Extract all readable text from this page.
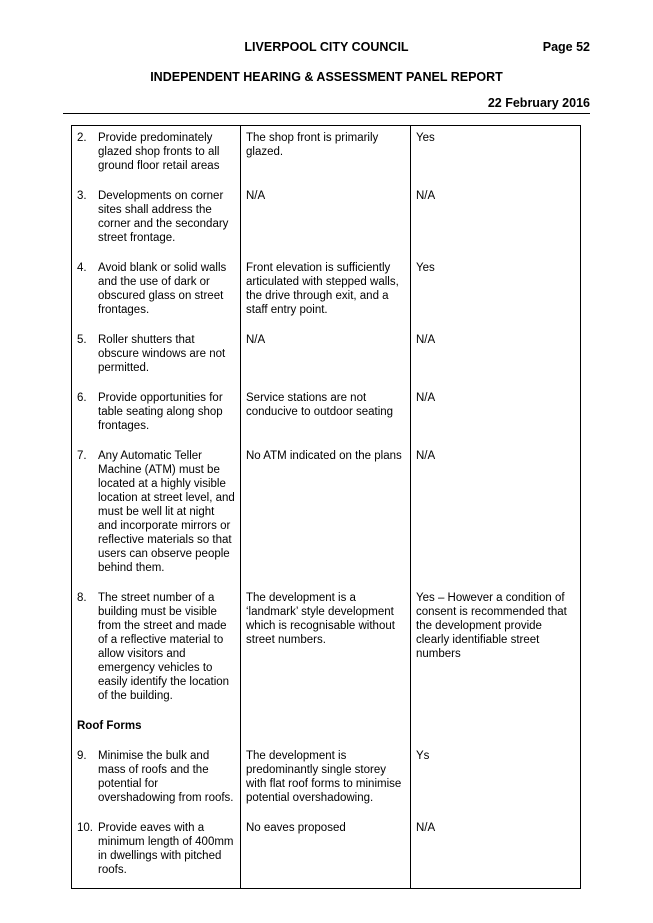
LIVERPOOL CITY COUNCIL	Page 52
INDEPENDENT HEARING & ASSESSMENT PANEL REPORT
22 February 2016
2. Provide predominately glazed shop fronts to all ground floor retail areas	The shop front is primarily glazed.	Yes

3. Developments on corner sites shall address the corner and the secondary street frontage.	N/A	N/A

4. Avoid blank or solid walls and the use of dark or obscured glass on street frontages.	Front elevation is sufficiently articulated with stepped walls, the drive through exit, and a staff entry point.	Yes

5. Roller shutters that obscure windows are not permitted.	N/A	N/A

6. Provide opportunities for table seating along shop frontages.	Service stations are not conducive to outdoor seating	N/A

7. Any Automatic Teller Machine (ATM) must be located at a highly visible location at street level, and must be well lit at night and incorporate mirrors or reflective materials so that users can observe people behind them.	No ATM indicated on the plans	N/A

8. The street number of a building must be visible from the street and made of a reflective material to allow visitors and emergency vehicles to easily identify the location of the building.	The development is a ‘landmark’ style development which is recognisable without street numbers.	Yes – However a condition of consent is recommended that the development provide clearly identifiable street numbers
Roof Forms		

9. Minimise the bulk and mass of roofs and the potential for overshadowing from roofs.	The development is predominantly single storey with flat roof forms to minimise potential overshadowing.	Ys

10. Provide eaves with a minimum length of 400mm in dwellings with pitched roofs.	No eaves proposed	N/A
